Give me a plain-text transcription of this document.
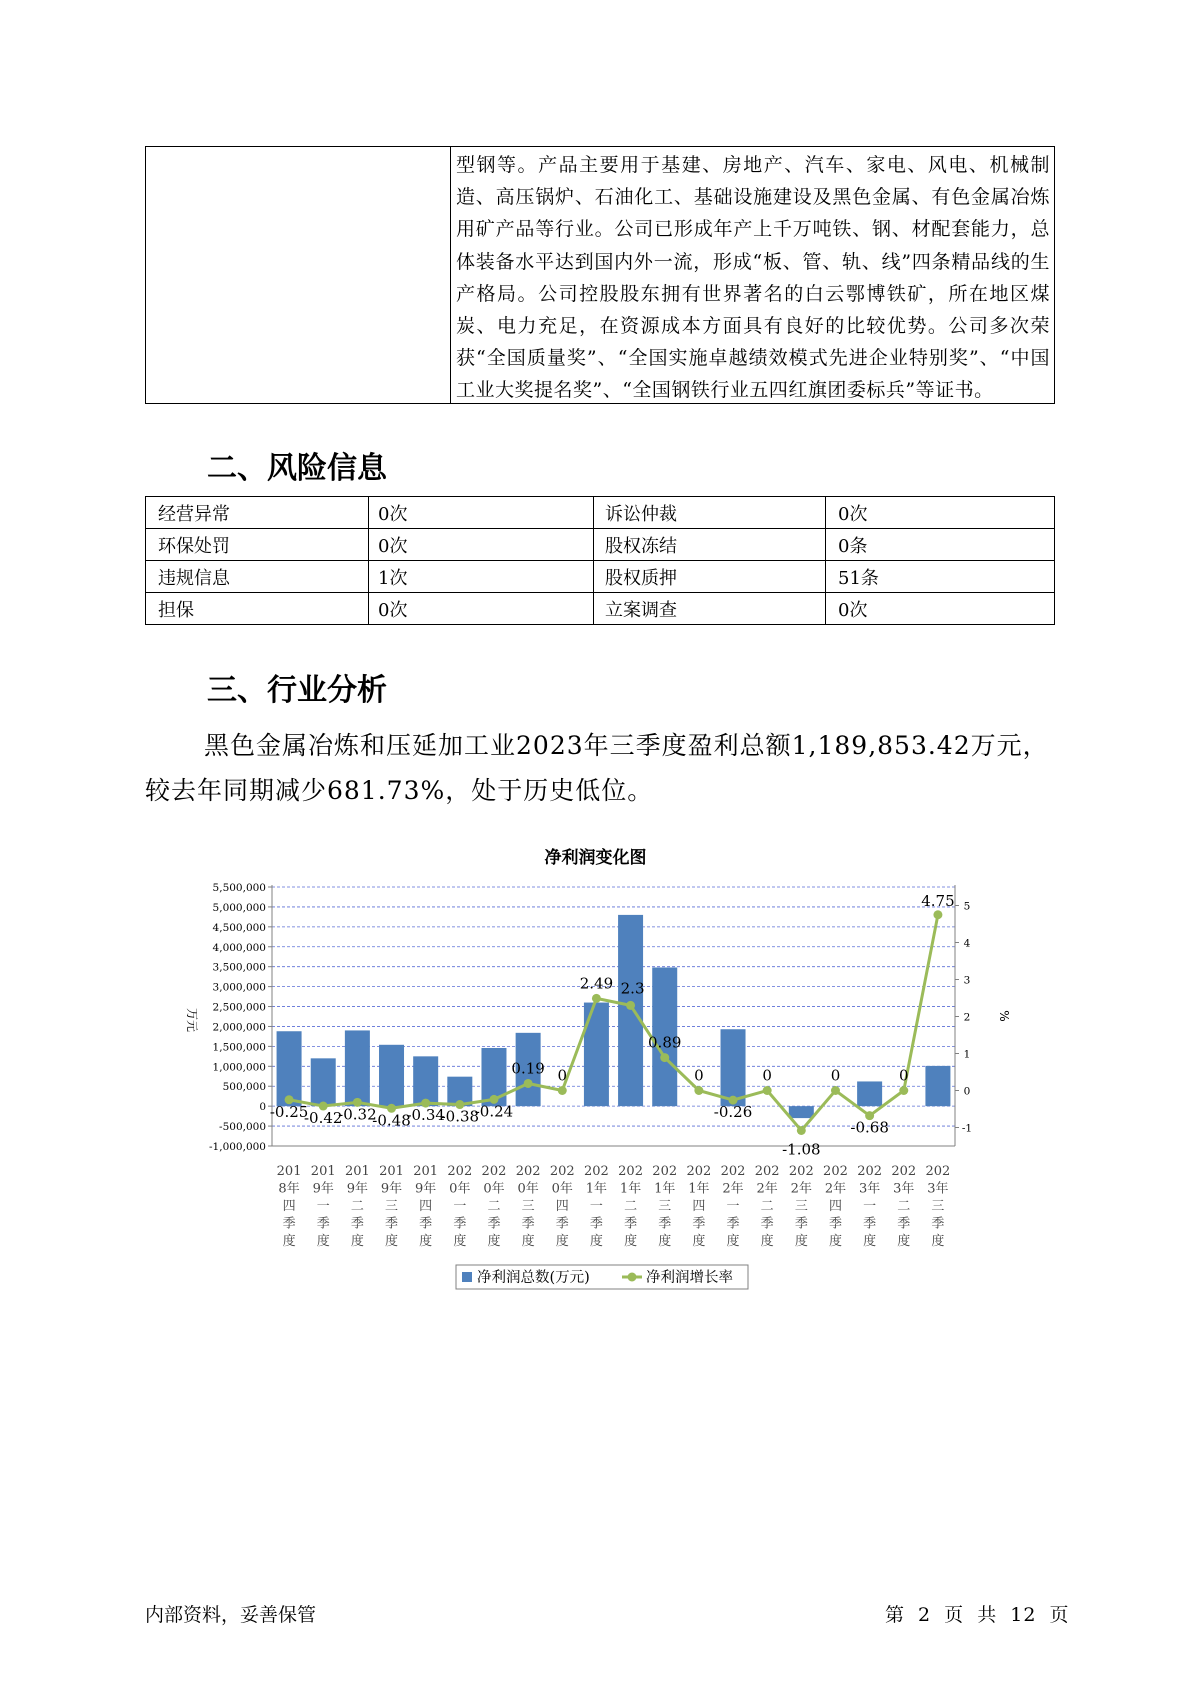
型钢等。产品主要用于基建、房地产、汽车、家电、风电、机械制造、高压锅炉、石油化工、基础设施建设及黑色金属、有色金属冶炼用矿产品等行业。公司已形成年产上千万吨铁、钢、材配套能力，总体装备水平达到国内外一流，形成“板、管、轨、线”四条精品线的生产格局。公司控股股东拥有世界著名的白云鄂博铁矿，所在地区煤炭、电力充足，在资源成本方面具有良好的比较优势。公司多次荣获“全国质量奖”、“全国实施卓越绩效模式先进企业特别奖”、“中国工业大奖提名奖”、“全国钢铁行业五四红旗团委标兵”等证书。
二、风险信息
经营异常	0次	诉讼仲裁	0次
环保处罚	0次	股权冻结	0条
违规信息	1次	股权质押	51条
担保	0次	立案调查	0次
三、行业分析
黑色金属冶炼和压延加工业2023年三季度盈利总额1,189,853.42万元，较去年同期减少681.73%，处于历史低位。
净利润变化图
5,500,000
5,000,000
4,500,000
4,000,000
3,500,000
3,000,000
2,500,000
2,000,000
1,500,000
1,000,000
500,000
0
-500,000
-1,000,000
5
4
3
2
1
0
-1
万元	%
-0.25
-0.42
-0.32
-0.48
-0.34
-0.38
-0.24
0.19 0
2.49 2.3
0.89
0
-0.26
0
-1.08
0
-0.68
0
4.75
201
8年
四
季
度
201
9年
一
季
度
201
9年
二
季
度
201
9年
三
季
度
201
9年
四
季
度
202
0年
一
季
度
202
0年
二
季
度
202
0年
三
季
度
202
0年
四
季
度
202
1年
一
季
度
202
1年
二
季
度
202
1年
三
季
度
202
1年
四
季
度
202
2年
一
季
度
202
2年
二
季
度
202
2年
三
季
度
202
2年
四
季
度
202
3年
一
季
度
202
3年
二
季
度
202
3年
三
季
度
净利润总数(万元)	净利润增长率
内部资料，妥善保管	第 2 页 共 12 页
